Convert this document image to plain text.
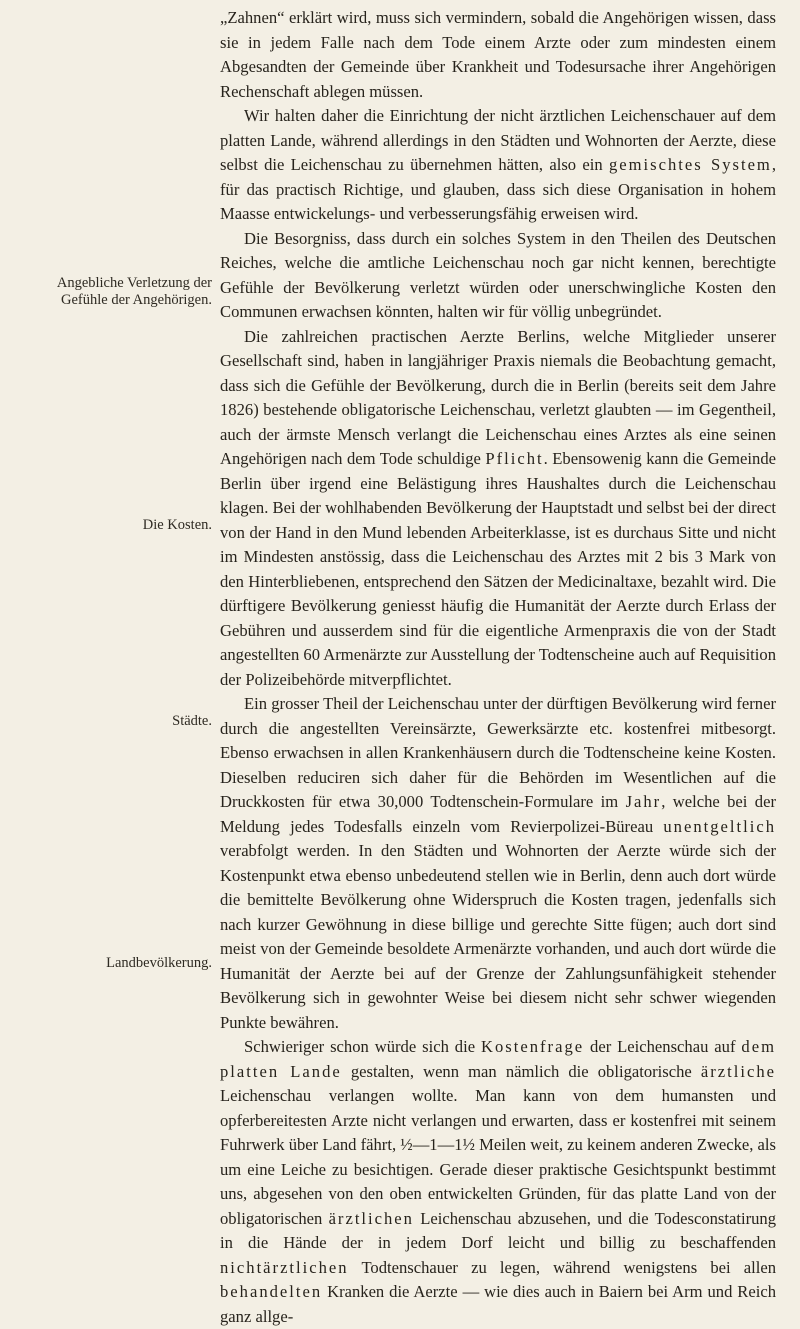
Angebliche Verletzung der
Gefühle der Angehörigen.
Die Kosten.
Städte.
Landbevölkerung.

„Zahnen“ erklärt wird, muss sich vermindern, sobald die Angehörigen wissen, dass sie in jedem Falle nach dem Tode einem Arzte oder zum mindesten einem Abgesandten der Gemeinde über Krankheit und Todesursache ihrer Angehörigen Rechenschaft ablegen müssen.

Wir halten daher die Einrichtung der nicht ärztlichen Leichenschauer auf dem platten Lande, während allerdings in den Städten und Wohnorten der Aerzte, diese selbst die Leichenschau zu übernehmen hätten, also ein gemischtes System, für das practisch Richtige, und glauben, dass sich diese Organisation in hohem Maasse entwickelungs- und verbesserungsfähig erweisen wird.

Die Besorgniss, dass durch ein solches System in den Theilen des Deutschen Reiches, welche die amtliche Leichenschau noch gar nicht kennen, berechtigte Gefühle der Bevölkerung verletzt würden oder unerschwingliche Kosten den Communen erwachsen könnten, halten wir für völlig unbegründet.

Die zahlreichen practischen Aerzte Berlins, welche Mitglieder unserer Gesellschaft sind, haben in langjähriger Praxis niemals die Beobachtung gemacht, dass sich die Gefühle der Bevölkerung, durch die in Berlin (bereits seit dem Jahre 1826) bestehende obligatorische Leichenschau, verletzt glaubten — im Gegentheil, auch der ärmste Mensch verlangt die Leichenschau eines Arztes als eine seinen Angehörigen nach dem Tode schuldige Pflicht. Ebensowenig kann die Gemeinde Berlin über irgend eine Belästigung ihres Haushaltes durch die Leichenschau klagen. Bei der wohlhabenden Bevölkerung der Hauptstadt und selbst bei der direct von der Hand in den Mund lebenden Arbeiterklasse, ist es durchaus Sitte und nicht im Mindesten anstössig, dass die Leichenschau des Arztes mit 2 bis 3 Mark von den Hinterbliebenen, entsprechend den Sätzen der Medicinaltaxe, bezahlt wird. Die dürftigere Bevölkerung geniesst häufig die Humanität der Aerzte durch Erlass der Gebühren und ausserdem sind für die eigentliche Armenpraxis die von der Stadt angestellten 60 Armenärzte zur Ausstellung der Todtenscheine auch auf Requisition der Polizeibehörde mitverpflichtet.

Ein grosser Theil der Leichenschau unter der dürftigen Bevölkerung wird ferner durch die angestellten Vereinsärzte, Gewerksärzte etc. kostenfrei mitbesorgt. Ebenso erwachsen in allen Krankenhäusern durch die Todtenscheine keine Kosten. Dieselben reduciren sich daher für die Behörden im Wesentlichen auf die Druckkosten für etwa 30,000 Todtenschein-Formulare im Jahr, welche bei der Meldung jedes Todesfalls einzeln vom Revierpolizei-Büreau unentgeltlich verabfolgt werden. In den Städten und Wohnorten der Aerzte würde sich der Kostenpunkt etwa ebenso unbedeutend stellen wie in Berlin, denn auch dort würde die bemittelte Bevölkerung ohne Widerspruch die Kosten tragen, jedenfalls sich nach kurzer Gewöhnung in diese billige und gerechte Sitte fügen; auch dort sind meist von der Gemeinde besoldete Armenärzte vorhanden, und auch dort würde die Humanität der Aerzte bei auf der Grenze der Zahlungsunfähigkeit stehender Bevölkerung sich in gewohnter Weise bei diesem nicht sehr schwer wiegenden Punkte bewähren.

Schwieriger schon würde sich die Kostenfrage der Leichenschau auf dem platten Lande gestalten, wenn man nämlich die obligatorische ärztliche Leichenschau verlangen wollte. Man kann von dem humansten und opferbereitesten Arzte nicht verlangen und erwarten, dass er kostenfrei mit seinem Fuhrwerk über Land fährt, ½—1—1½ Meilen weit, zu keinem anderen Zwecke, als um eine Leiche zu besichtigen. Gerade dieser praktische Gesichtspunkt bestimmt uns, abgesehen von den oben entwickelten Gründen, für das platte Land von der obligatorischen ärztlichen Leichenschau abzusehen, und die Todesconstatirung in die Hände der in jedem Dorf leicht und billig zu beschaffenden nichtärztlichen Todtenschauer zu legen, während wenigstens bei allen behandelten Kranken die Aerzte — wie dies auch in Baiern bei Arm und Reich ganz allge-
